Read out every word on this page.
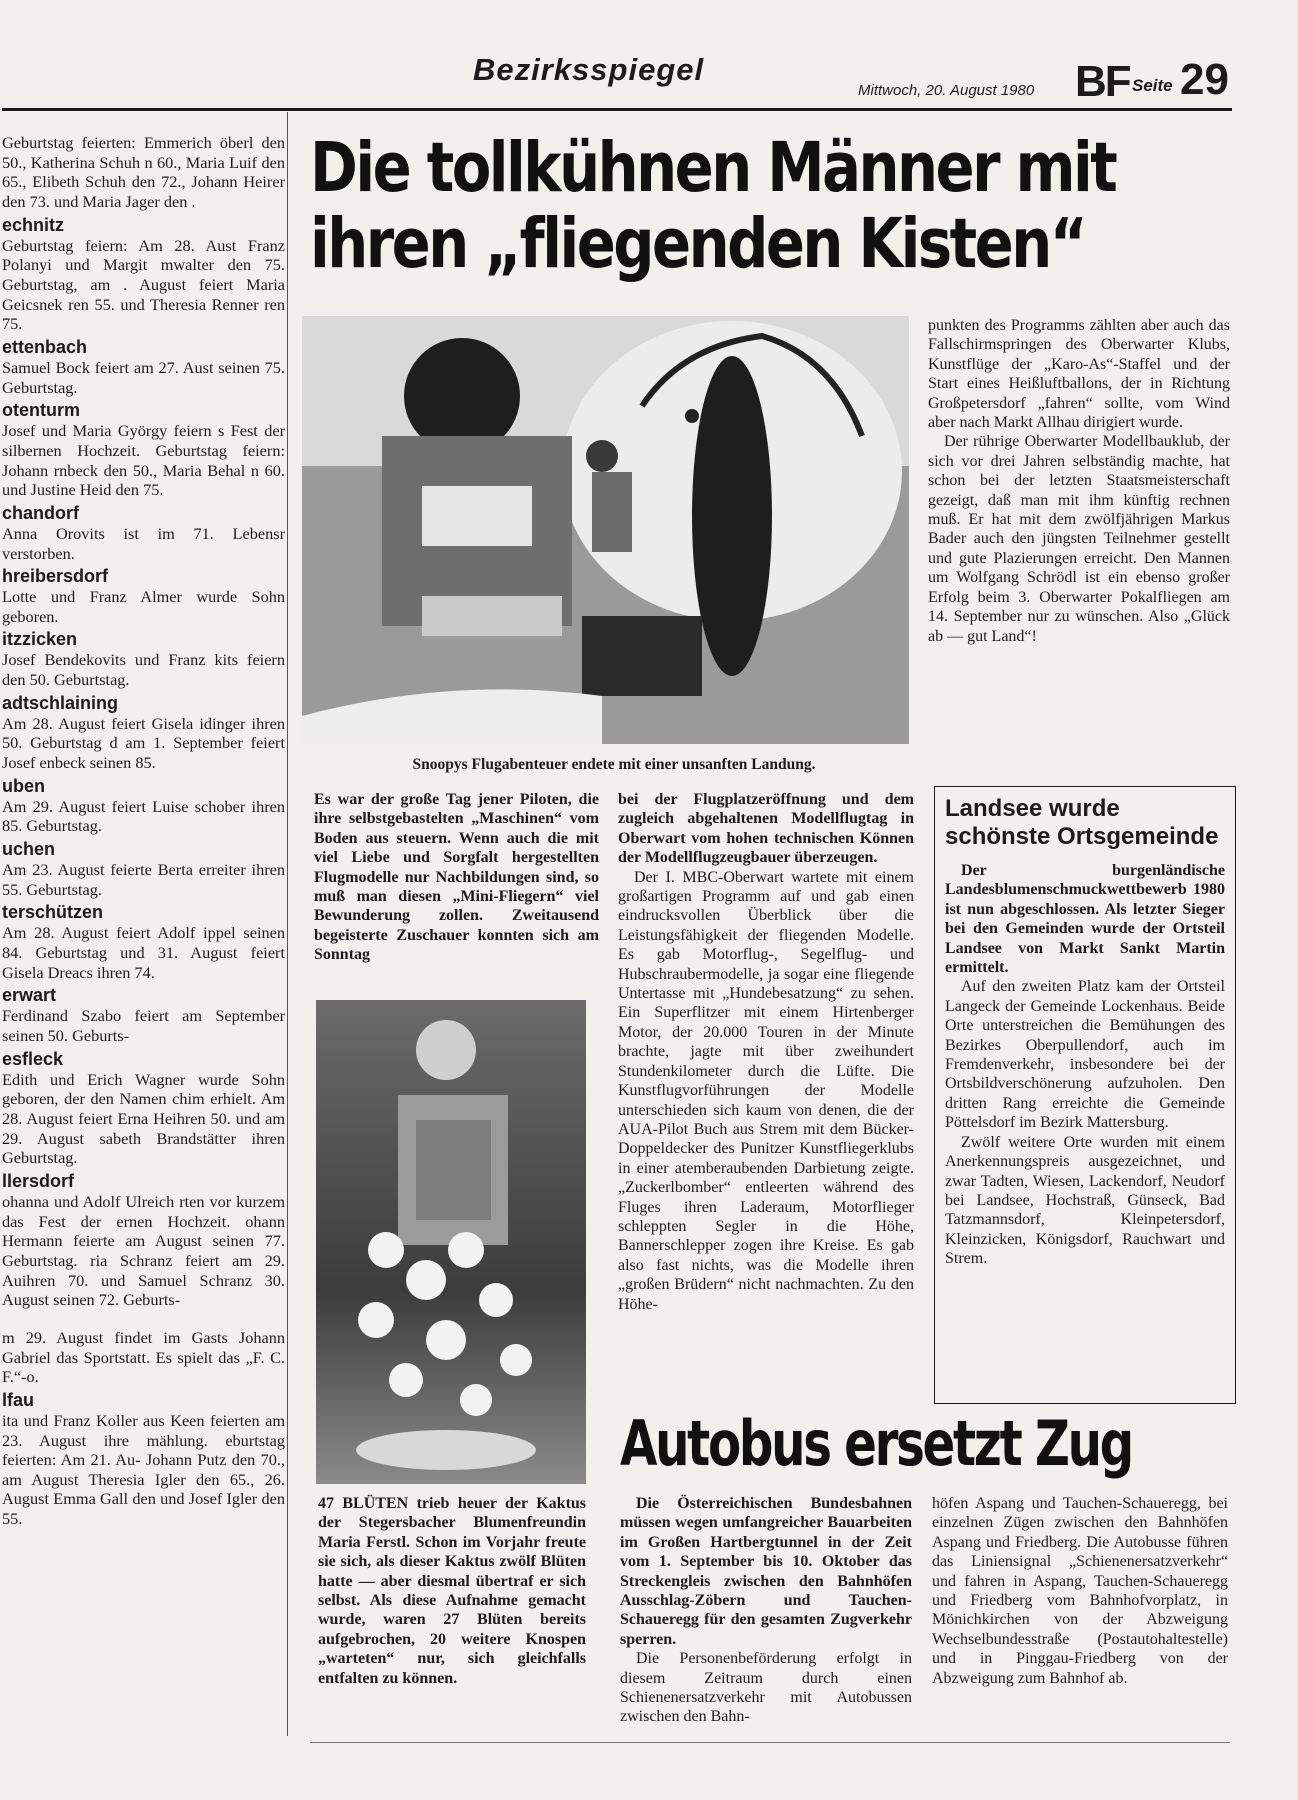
Bezirksspiegel
Mittwoch, 20. August 1980 BF Seite 29

Geburtstag feierten: Emmerich öberl den 50., Katherina Schuh n 60., Maria Luif den 65., Elibeth Schuh den 72., Johann Heirer den 73. und Maria Jager den .

echnitz

Geburtstag feiern: Am 28. Aust Franz Polanyi und Margit mwalter den 75. Geburtstag, am . August feiert Maria Geicsnek ren 55. und Theresia Renner ren 75.

ettenbach

Samuel Bock feiert am 27. Aust seinen 75. Geburtstag.

otenturm

Josef und Maria György feiern s Fest der silbernen Hochzeit. Geburtstag feiern: Johann rnbeck den 50., Maria Behal n 60. und Justine Heid den 75.

chandorf

Anna Orovits ist im 71. Lebensr verstorben.

hreibersdorf

Lotte und Franz Almer wurde Sohn geboren.

itzzicken

Josef Bendekovits und Franz kits feiern den 50. Geburtstag.

adtschlaining

Am 28. August feiert Gisela idinger ihren 50. Geburtstag d am 1. September feiert Josef enbeck seinen 85.

uben

Am 29. August feiert Luise schober ihren 85. Geburtstag.

uchen

Am 23. August feierte Berta erreiter ihren 55. Geburtstag.

terschützen

Am 28. August feiert Adolf ippel seinen 84. Geburtstag und 31. August feiert Gisela Dreacs ihren 74.

erwart

Ferdinand Szabo feiert am September seinen 50. Geburts-

esfleck

Edith und Erich Wagner wurde Sohn geboren, der den Namen chim erhielt. Am 28. August feiert Erna Heihren 50. und am 29. August sabeth Brandstätter ihren Geburtstag.

llersdorf

ohanna und Adolf Ulreich rten vor kurzem das Fest der ernen Hochzeit. ohann Hermann feierte am August seinen 77. Geburtstag. ria Schranz feiert am 29. Auihren 70. und Samuel Schranz 30. August seinen 72. Geburts-

m 29. August findet im Gasts Johann Gabriel das Sportstatt. Es spielt das „F. C. F.“-o.

lfau

ita und Franz Koller aus Keen feierten am 23. August ihre mählung. eburtstag feierten: Am 21. Au- Johann Putz den 70., am August Theresia Igler den 65., 26. August Emma Gall den und Josef Igler den 55.

Die tollkühnen Männer mit
ihren „fliegenden Kisten“
Snoopys Flugabenteuer endete mit einer unsanften Landung.

Es war der große Tag jener Piloten, die ihre selbstgebastelten „Maschinen“ vom Boden aus steuern. Wenn auch die mit viel Liebe und Sorgfalt hergestellten Flugmodelle nur Nachbildungen sind, so muß man diesen „Mini-Fliegern“ viel Bewunderung zollen. Zweitausend begeisterte Zuschauer konnten sich am Sonntag

47 BLÜTEN trieb heuer der Kaktus der Stegersbacher Blumenfreundin Maria Ferstl. Schon im Vorjahr freute sie sich, als dieser Kaktus zwölf Blüten hatte — aber diesmal übertraf er sich selbst. Als diese Aufnahme gemacht wurde, waren 27 Blüten bereits aufgebrochen, 20 weitere Knospen „warteten“ nur, sich gleichfalls entfalten zu können.

bei der Flugplatzeröffnung und dem zugleich abgehaltenen Modellflugtag in Oberwart vom hohen technischen Können der Modellflugzeugbauer überzeugen.

Der I. MBC-Oberwart wartete mit einem großartigen Programm auf und gab einen eindrucksvollen Überblick über die Leistungsfähigkeit der fliegenden Modelle. Es gab Motorflug-, Segelflug- und Hubschraubermodelle, ja sogar eine fliegende Untertasse mit „Hundebesatzung“ zu sehen. Ein Superflitzer mit einem Hirtenberger Motor, der 20.000 Touren in der Minute brachte, jagte mit über zweihundert Stundenkilometer durch die Lüfte. Die Kunstflugvorführungen der Modelle unterschieden sich kaum von denen, die der AUA-Pilot Buch aus Strem mit dem Bücker-Doppeldecker des Punitzer Kunstfliegerklubs in einer atemberaubenden Darbietung zeigte. „Zuckerlbomber“ entleerten während des Fluges ihren Laderaum, Motorflieger schleppten Segler in die Höhe, Bannerschlepper zogen ihre Kreise. Es gab also fast nichts, was die Modelle ihren „großen Brüdern“ nicht nachmachten. Zu den Höhe-

punkten des Programms zählten aber auch das Fallschirmspringen des Oberwarter Klubs, Kunstflüge der „Karo-As“-Staffel und der Start eines Heißluftballons, der in Richtung Großpetersdorf „fahren“ sollte, vom Wind aber nach Markt Allhau dirigiert wurde.

Der rührige Oberwarter Modellbauklub, der sich vor drei Jahren selbständig machte, hat schon bei der letzten Staatsmeisterschaft gezeigt, daß man mit ihm künftig rechnen muß. Er hat mit dem zwölfjährigen Markus Bader auch den jüngsten Teilnehmer gestellt und gute Plazierungen erreicht. Den Mannen um Wolfgang Schrödl ist ein ebenso großer Erfolg beim 3. Oberwarter Pokalfliegen am 14. September nur zu wünschen. Also „Glück ab — gut Land“!

Landsee wurde schönste Ortsgemeinde

Der burgenländische Landesblumenschmuckwettbewerb 1980 ist nun abgeschlossen. Als letzter Sieger bei den Gemeinden wurde der Ortsteil Landsee von Markt Sankt Martin ermittelt.

Auf den zweiten Platz kam der Ortsteil Langeck der Gemeinde Lockenhaus. Beide Orte unterstreichen die Bemühungen des Bezirkes Oberpullendorf, auch im Fremdenverkehr, insbesondere bei der Ortsbildverschönerung aufzuholen. Den dritten Rang erreichte die Gemeinde Pöttelsdorf im Bezirk Mattersburg.

Zwölf weitere Orte wurden mit einem Anerkennungspreis ausgezeichnet, und zwar Tadten, Wiesen, Lackendorf, Neudorf bei Landsee, Hochstraß, Günseck, Bad Tatzmannsdorf, Kleinpetersdorf, Kleinzicken, Königsdorf, Rauchwart und Strem.

Autobus ersetzt Zug

Die Österreichischen Bundesbahnen müssen wegen umfangreicher Bauarbeiten im Großen Hartbergtunnel in der Zeit vom 1. September bis 10. Oktober das Streckengleis zwischen den Bahnhöfen Ausschlag-Zöbern und Tauchen-Schaueregg für den gesamten Zugverkehr sperren.

Die Personenbeförderung erfolgt in diesem Zeitraum durch einen Schienenersatzverkehr mit Autobussen zwischen den Bahn-

höfen Aspang und Tauchen-Schaueregg, bei einzelnen Zügen zwischen den Bahnhöfen Aspang und Friedberg. Die Autobusse führen das Liniensignal „Schienenersatzverkehr“ und fahren in Aspang, Tauchen-Schaueregg und Friedberg vom Bahnhofvorplatz, in Mönichkirchen von der Abzweigung Wechselbundesstraße (Postautohaltestelle) und in Pinggau-Friedberg von der Abzweigung zum Bahnhof ab.
